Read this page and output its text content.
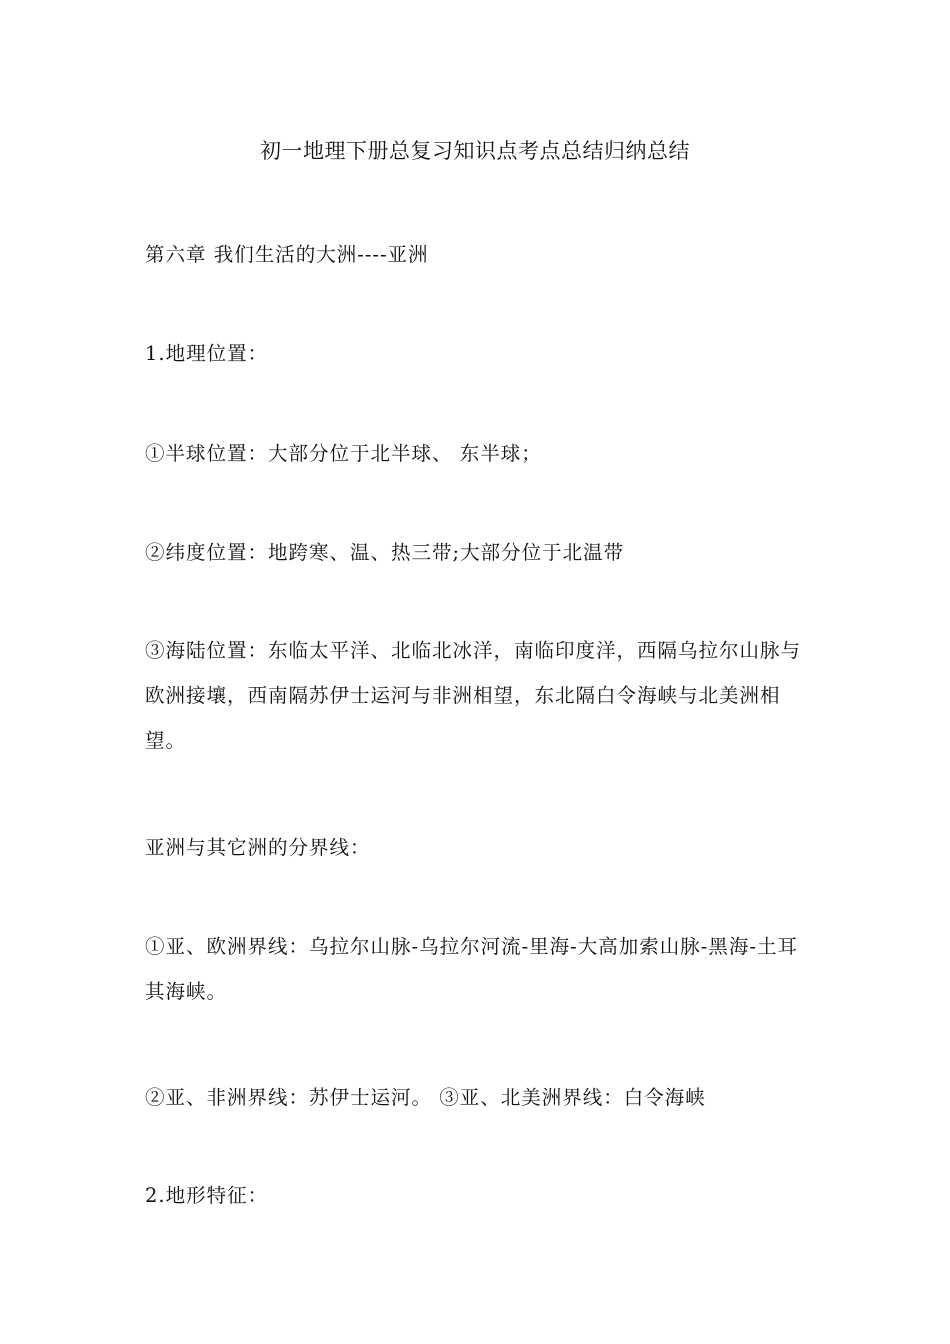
初一地理下册总复习知识点考点总结归纳总结

第六章 我们生活的大洲----亚洲

1.地理位置：

①半球位置：大部分位于北半球、 东半球；

②纬度位置：地跨寒、温、热三带;大部分位于北温带

③海陆位置：东临太平洋、北临北冰洋，南临印度洋，西隔乌拉尔山脉与欧洲接壤，西南隔苏伊士运河与非洲相望，东北隔白令海峡与北美洲相望。

亚洲与其它洲的分界线：

①亚、欧洲界线：乌拉尔山脉-乌拉尔河流-里海-大高加索山脉-黑海-土耳其海峡。

②亚、非洲界线：苏伊士运河。 ③亚、北美洲界线：白令海峡

2.地形特征：
